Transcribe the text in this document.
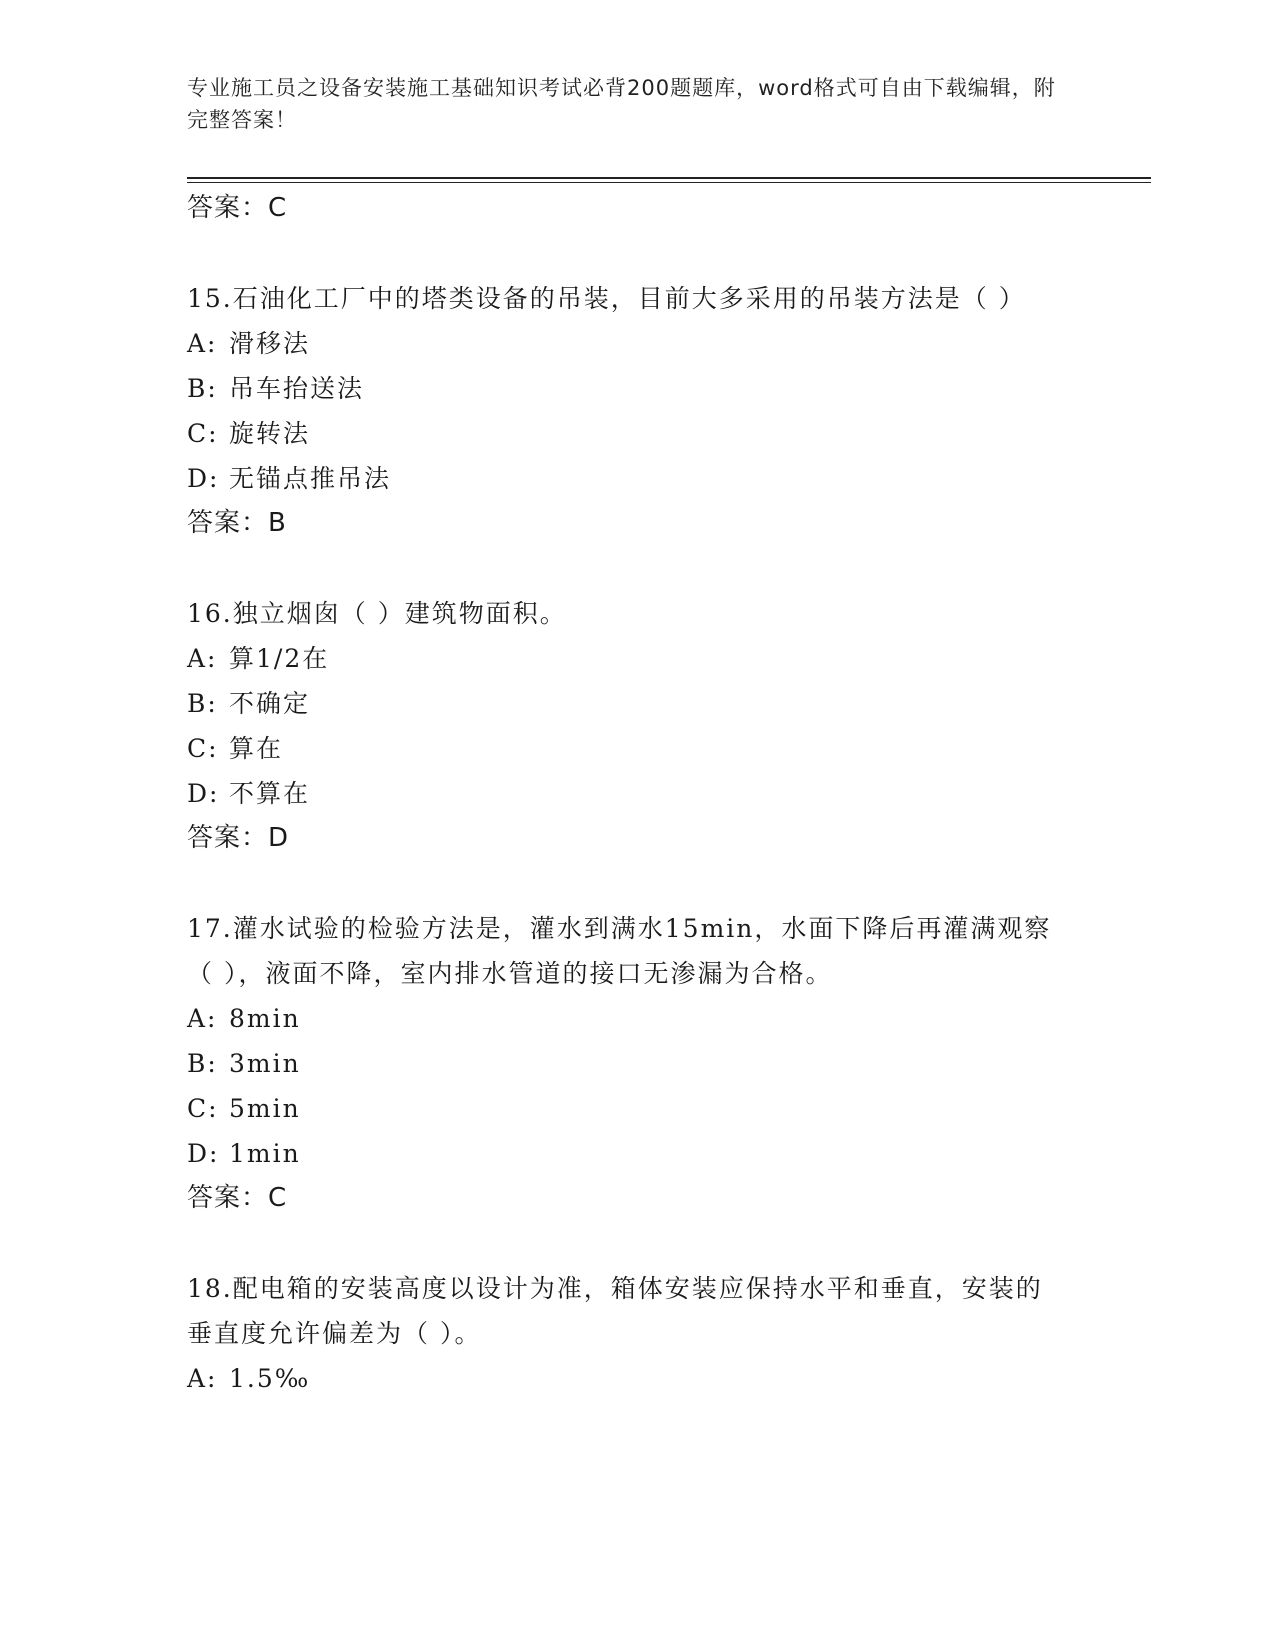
专业施工员之设备安装施工基础知识考试必背200题题库，word格式可自由下载编辑，附完整答案！
答案：C
15.石油化工厂中的塔类设备的吊装，目前大多采用的吊装方法是（ ）
A: 滑移法
B: 吊车抬送法
C: 旋转法
D: 无锚点推吊法
答案：B
16.独立烟囱（ ）建筑物面积。
A: 算1/2在
B: 不确定
C: 算在
D: 不算在
答案：D
17.灌水试验的检验方法是，灌水到满水15min，水面下降后再灌满观察（ ），液面不降，室内排水管道的接口无渗漏为合格。
A: 8min
B: 3min
C: 5min
D: 1min
答案：C
18.配电箱的安装高度以设计为准，箱体安装应保持水平和垂直，安装的垂直度允许偏差为（ ）。
A: 1.5‰
